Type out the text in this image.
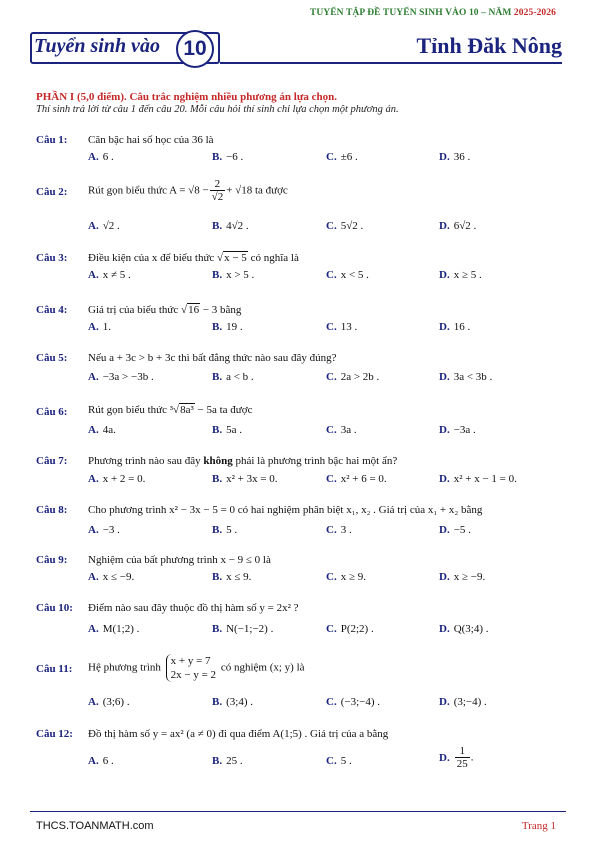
TUYỂN TẬP ĐỀ TUYỂN SINH VÀO 10 – NĂM 2025-2026
Tuyển sinh vào	10	Tỉnh Đăk Nông
PHẦN I (5,0 điểm). Câu trắc nghiệm nhiều phương án lựa chọn.
Thí sinh trả lời từ câu 1 đến câu 20. Mỗi câu hỏi thí sinh chỉ lựa chọn một phương án.
Câu 1: Căn bậc hai số học của 36 là
A. 6 .	B. −6 .	C. ±6 .	D. 36 .
Câu 2: Rút gọn biểu thức $A = √8 - \frac{2}{√2} + √18$ ta được
A. √2 .	B. 4√2 .	C. 5√2 .	D. 6√2 .
Câu 3: Điều kiện của x để biểu thức √x − 5 có nghĩa là
A. x ≠ 5 .	B. x > 5 .	C. x < 5 .	D. x ≥ 5 .
Câu 4: Giá trị của biểu thức √16 − 3 bằng
A. 1.	B. 19 .	C. 13 .	D. 16 .
Câu 5: Nếu a + 3c > b + 3c thì bất đẳng thức nào sau đây đúng?
A. −3a > −3b .	B. a < b .	C. 2a > 2b .	D. 3a < 3b .
Câu 6: Rút gọn biểu thức ³√8a³ − 5a ta được
A. 4a.	B. 5a .	C. 3a .	D. −3a .
Câu 7: Phương trình nào sau đây không phải là phương trình bậc hai một ẩn?
A. x + 2 = 0.	B. x² + 3x = 0.	C. x² + 6 = 0.	D. x² + x − 1 = 0.
Câu 8: Cho phương trình x² − 3x − 5 = 0 có hai nghiệm phân biệt x₁, x₂ . Giá trị của x₁ + x₂ bằng
A. −3 .	B. 5 .	C. 3 .	D. −5 .
Câu 9: Nghiệm của bất phương trình x − 9 ≤ 0 là
A. x ≤ −9.	B. x ≤ 9.	C. x ≥ 9.	D. x ≥ −9.
Câu 10: Điểm nào sau đây thuộc đồ thị hàm số y = 2x² ?
A. M(1;2) .	B. N(−1;−2) .	C. P(2;2) .	D. Q(3;4) .
Câu 11: Hệ phương trình
x + y = 7
2x − y = 2
có nghiệm (x; y) là
A. (3;6) .	B. (3;4) .	C. (−3;−4) .	D. (3;−4) .
Câu 12: Đồ thị hàm số y = ax² (a ≠ 0) đi qua điểm A(1;5) . Giá trị của a bằng
A. 6 .	B. 25 .	C. 5 .	D. $\frac{1}{25}$ .
THCS.TOANMATH.com	Trang 1
